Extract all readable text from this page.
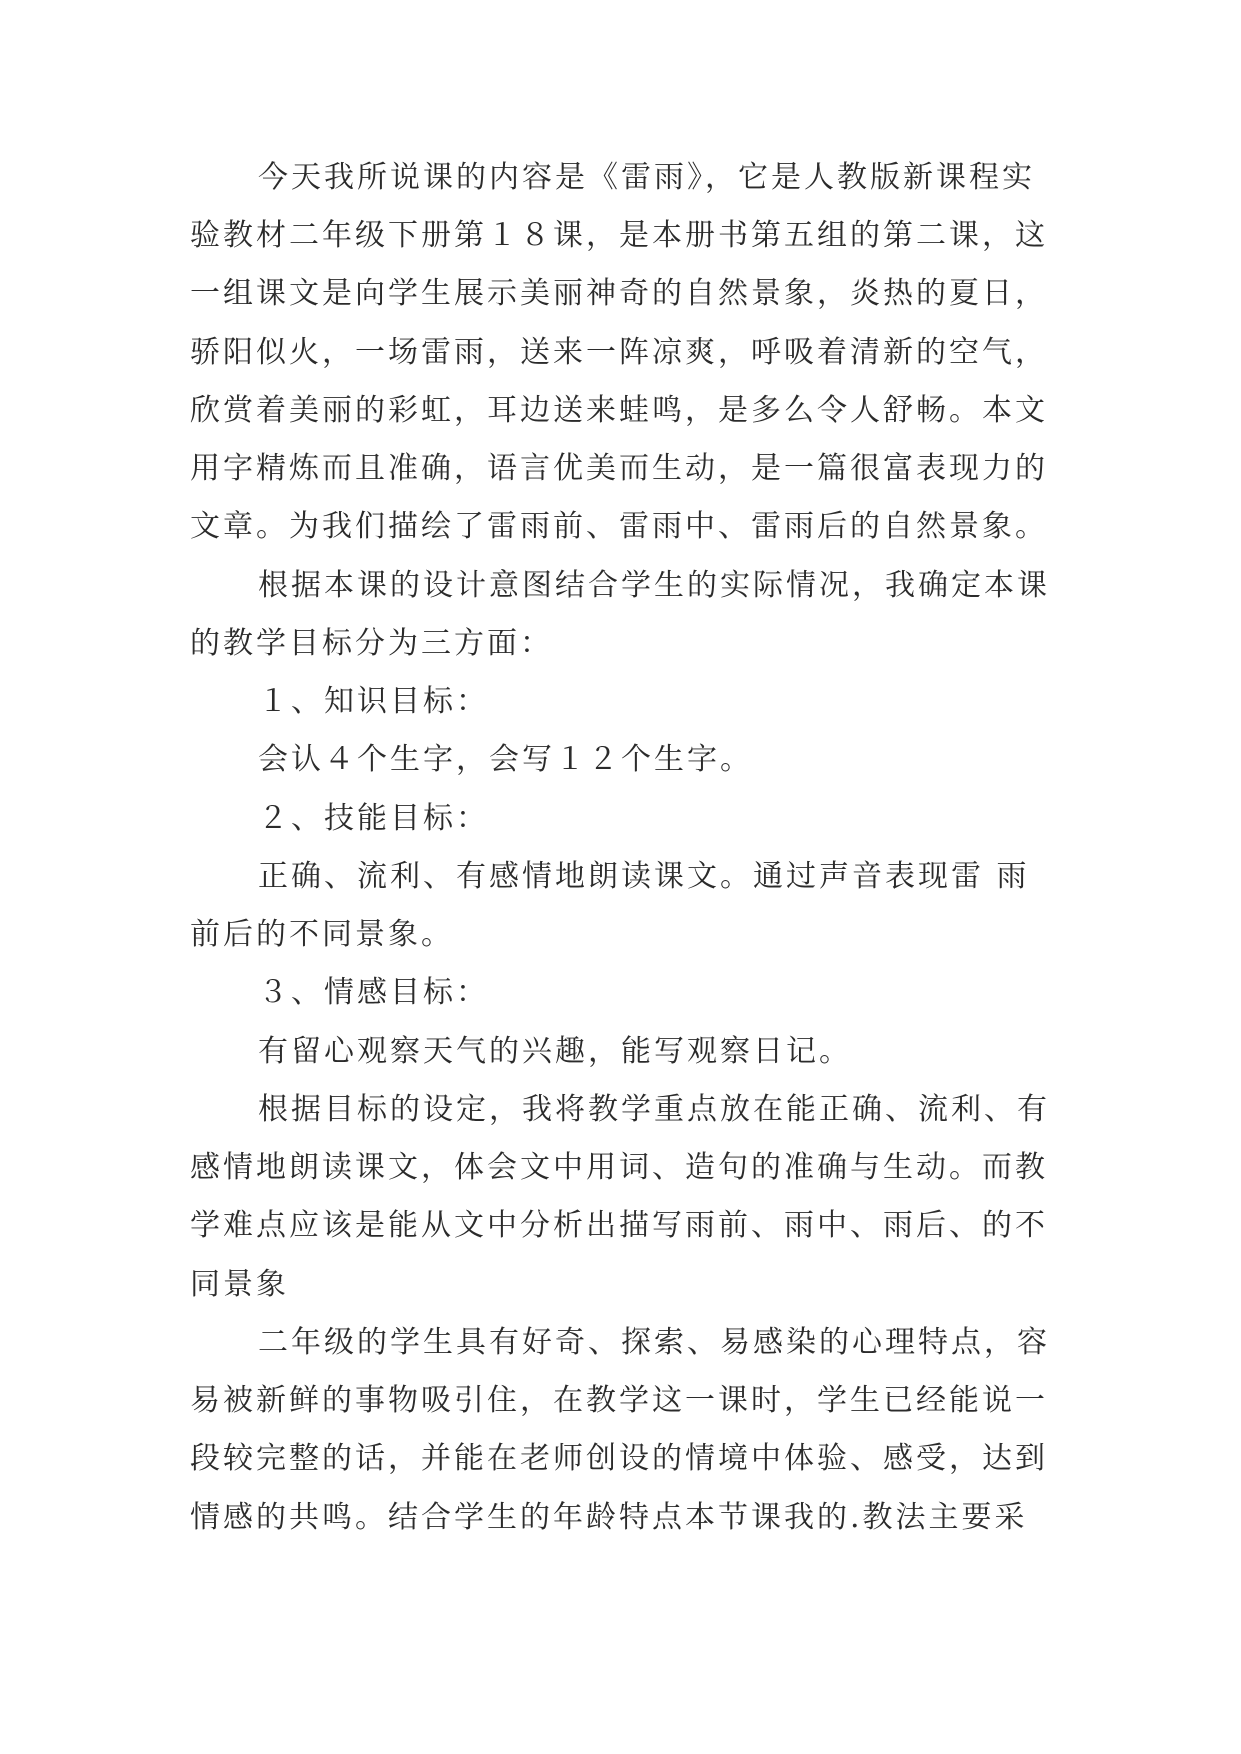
今天我所说课的内容是《雷雨》，它是人教版新课程实
验教材二年级下册第１８课，是本册书第五组的第二课，这
一组课文是向学生展示美丽神奇的自然景象，炎热的夏日，
骄阳似火，一场雷雨，送来一阵凉爽，呼吸着清新的空气，
欣赏着美丽的彩虹，耳边送来蛙鸣，是多么令人舒畅。本文
用字精炼而且准确，语言优美而生动，是一篇很富表现力的
文章。为我们描绘了雷雨前、雷雨中、雷雨后的自然景象。
根据本课的设计意图结合学生的实际情况，我确定本课
的教学目标分为三方面：
１、知识目标：
会认４个生字，会写１２个生字。
２、技能目标：
正确、流利、有感情地朗读课文。通过声音表现雷 雨
前后的不同景象。
３、情感目标：
有留心观察天气的兴趣，能写观察日记。
根据目标的设定，我将教学重点放在能正确、流利、有
感情地朗读课文，体会文中用词、造句的准确与生动。而教
学难点应该是能从文中分析出描写雨前、雨中、雨后、的不
同景象
二年级的学生具有好奇、探索、易感染的心理特点，容
易被新鲜的事物吸引住，在教学这一课时，学生已经能说一
段较完整的话，并能在老师创设的情境中体验、感受，达到
情感的共鸣。结合学生的年龄特点本节课我的.教法主要采
